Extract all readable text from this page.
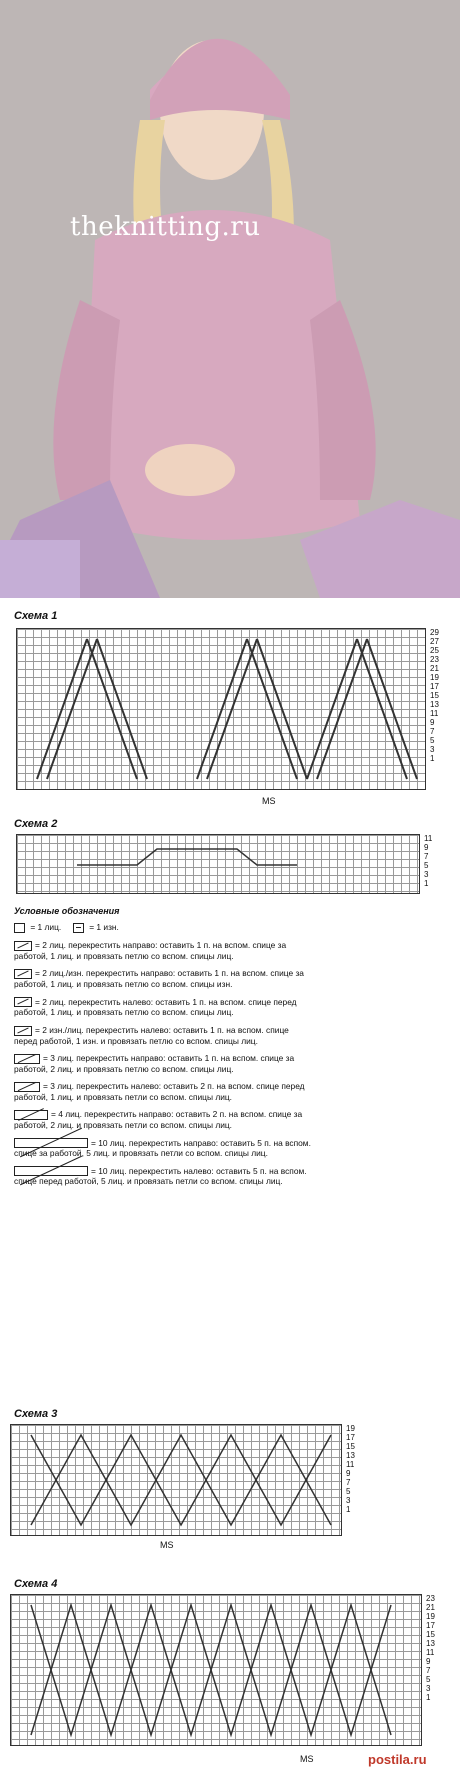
theknitting.ru
Схема 1
29
27
25
23
21
19
17
15
13
11
9
7
5
3
1
MS
Схема 2
11
9
7
5
3
1
Условные обозначения
= 1 лиц.	= 1 изн.
= 2 лиц. перекрестить направо: оставить 1 п. на вспом. спице за работой, 1 лиц. и провязать петлю со вспом. спицы лиц.
= 2 лиц./изн. перекрестить направо: оставить 1 п. на вспом. спице за работой, 1 лиц. и провязать петлю со вспом. спицы изн.
= 2 лиц. перекрестить налево: оставить 1 п. на вспом. спице перед работой, 1 лиц. и провязать петлю со вспом. спицы лиц.
= 2 изн./лиц. перекрестить налево: оставить 1 п. на вспом. спице перед работой, 1 изн. и провязать петлю со вспом. спицы лиц.
= 3 лиц. перекрестить направо: оставить 1 п. на вспом. спице за работой, 2 лиц. и провязать петлю со вспом. спицы лиц.
= 3 лиц. перекрестить налево: оставить 2 п. на вспом. спице перед работой, 1 лиц. и провязать петли со вспом. спицы лиц.
= 4 лиц. перекрестить направо: оставить 2 п. на вспом. спице за работой, 2 лиц. и провязать петли со вспом. спицы лиц.
= 10 лиц. перекрестить направо: оставить 5 п. на вспом. спице за работой, 5 лиц. и провязать петли со вспом. спицы лиц.
= 10 лиц. перекрестить налево: оставить 5 п. на вспом. спице перед работой, 5 лиц. и провязать петли со вспом. спицы лиц.
Схема 3
19
17
15
13
11
9
7
5
3
1
MS
Схема 4
23
21
19
17
15
13
11
9
7
5
3
1
MS	postila.ru
